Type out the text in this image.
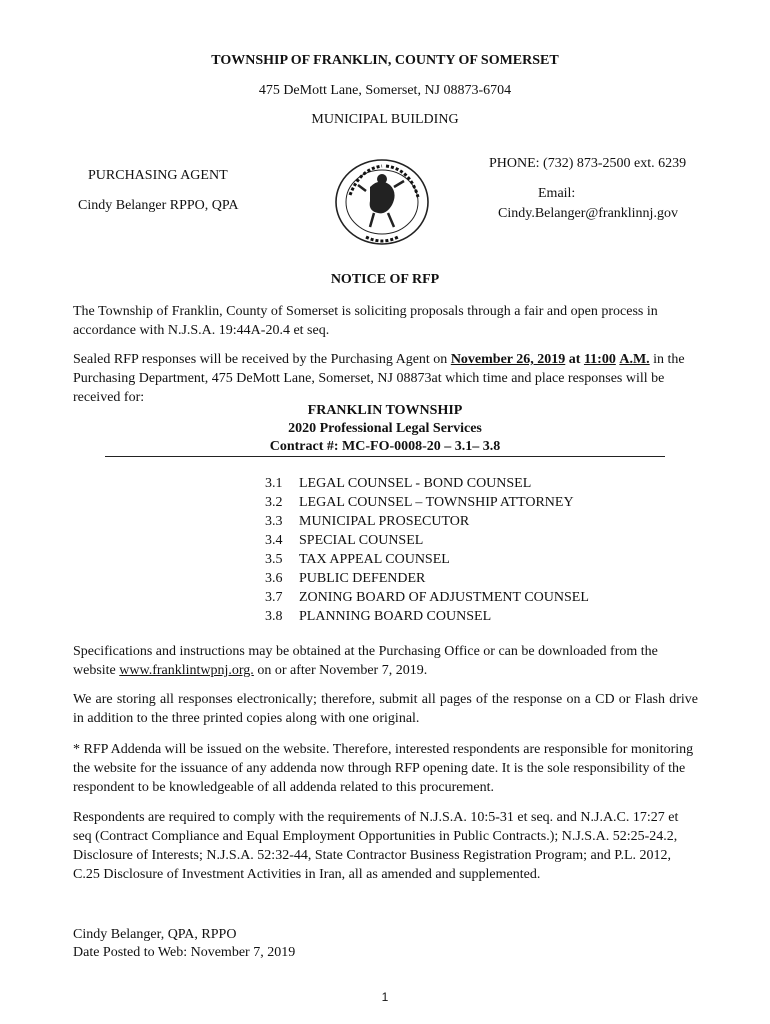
TOWNSHIP OF FRANKLIN, COUNTY OF SOMERSET
475 DeMott Lane, Somerset, NJ 08873-6704
MUNICIPAL BUILDING
PURCHASING AGENT
Cindy Belanger RPPO, QPA
PHONE: (732) 873-2500 ext. 6239
Email:
Cindy.Belanger@franklinnj.gov
NOTICE OF RFP
The Township of Franklin, County of Somerset is soliciting proposals through a fair and open process in accordance with N.J.S.A. 19:44A-20.4 et seq.
Sealed RFP responses will be received by the Purchasing Agent on November 26, 2019 at 11:00 A.M. in the Purchasing Department, 475 DeMott Lane, Somerset, NJ 08873at which time and place responses will be received for:
FRANKLIN TOWNSHIP
2020 Professional Legal Services
Contract #: MC-FO-0008-20 – 3.1– 3.8
3.1 LEGAL COUNSEL - BOND COUNSEL
3.2 LEGAL COUNSEL – TOWNSHIP ATTORNEY
3.3 MUNICIPAL PROSECUTOR
3.4 SPECIAL COUNSEL
3.5 TAX APPEAL COUNSEL
3.6 PUBLIC DEFENDER
3.7 ZONING BOARD OF ADJUSTMENT COUNSEL
3.8 PLANNING BOARD COUNSEL
Specifications and instructions may be obtained at the Purchasing Office or can be downloaded from the website www.franklintwpnj.org. on or after November 7, 2019.
We are storing all responses electronically; therefore, submit all pages of the response on a CD or Flash drive in addition to the three printed copies along with one original.
* RFP Addenda will be issued on the website. Therefore, interested respondents are responsible for monitoring the website for the issuance of any addenda now through RFP opening date. It is the sole responsibility of the respondent to be knowledgeable of all addenda related to this procurement.
Respondents are required to comply with the requirements of N.J.S.A. 10:5-31 et seq. and N.J.A.C. 17:27 et seq (Contract Compliance and Equal Employment Opportunities in Public Contracts.); N.J.S.A. 52:25-24.2, Disclosure of Interests; N.J.S.A. 52:32-44, State Contractor Business Registration Program; and P.L. 2012, C.25 Disclosure of Investment Activities in Iran, all as amended and supplemented.
Cindy Belanger, QPA, RPPO
Date Posted to Web: November 7, 2019
1
